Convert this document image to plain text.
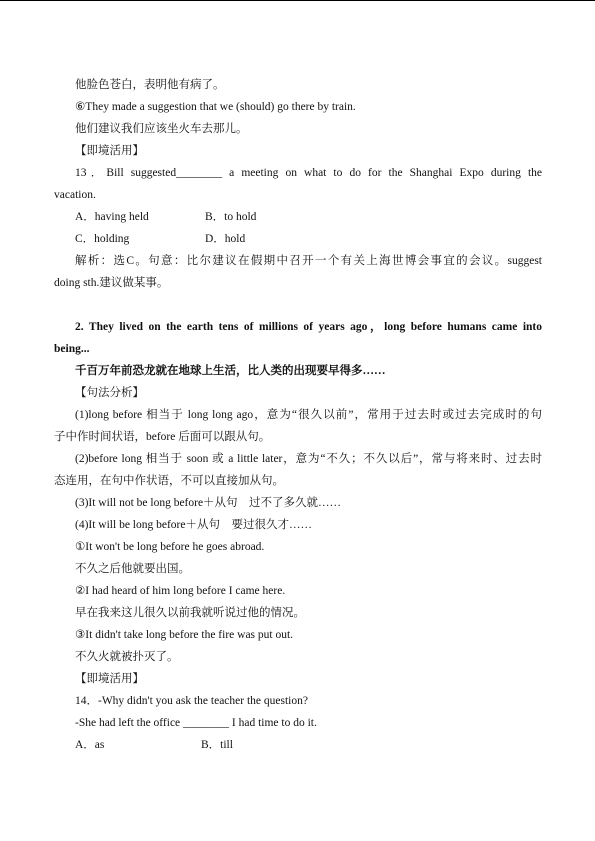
他脸色苍白，表明他有病了。
⑥They made a suggestion that we (should) go there by train.
他们建议我们应该坐火车去那儿。
【即境活用】
13．Bill suggested________ a meeting on what to do for the Shanghai Expo during the
vacation.
A．having held	B．to hold
C．holding	D．hold
解析：选C。句意：比尔建议在假期中召开一个有关上海世博会事宜的会议。suggest
doing sth.建议做某事。
2. They lived on the earth tens of millions of years ago，long before humans came into
being...
千百万年前恐龙就在地球上生活，比人类的出现要早得多……
【句法分析】
(1)long before 相当于 long long ago，意为“很久以前”，常用于过去时或过去完成时的句
子中作时间状语，before 后面可以跟从句。
(2)before long 相当于 soon 或 a little later，意为“不久；不久以后”，常与将来时、过去时
态连用，在句中作状语，不可以直接加从句。
(3)It will not be long before＋从句　过不了多久就……
(4)It will be long before＋从句　要过很久才……
①It won't be long before he goes abroad.
不久之后他就要出国。
②I had heard of him long before I came here.
早在我来这儿很久以前我就听说过他的情况。
③It didn't take long before the fire was put out.
不久火就被扑灭了。
【即境活用】
14．-Why didn't you ask the teacher the question?
-She had left the office ________ I had time to do it.
A．as	B．till
